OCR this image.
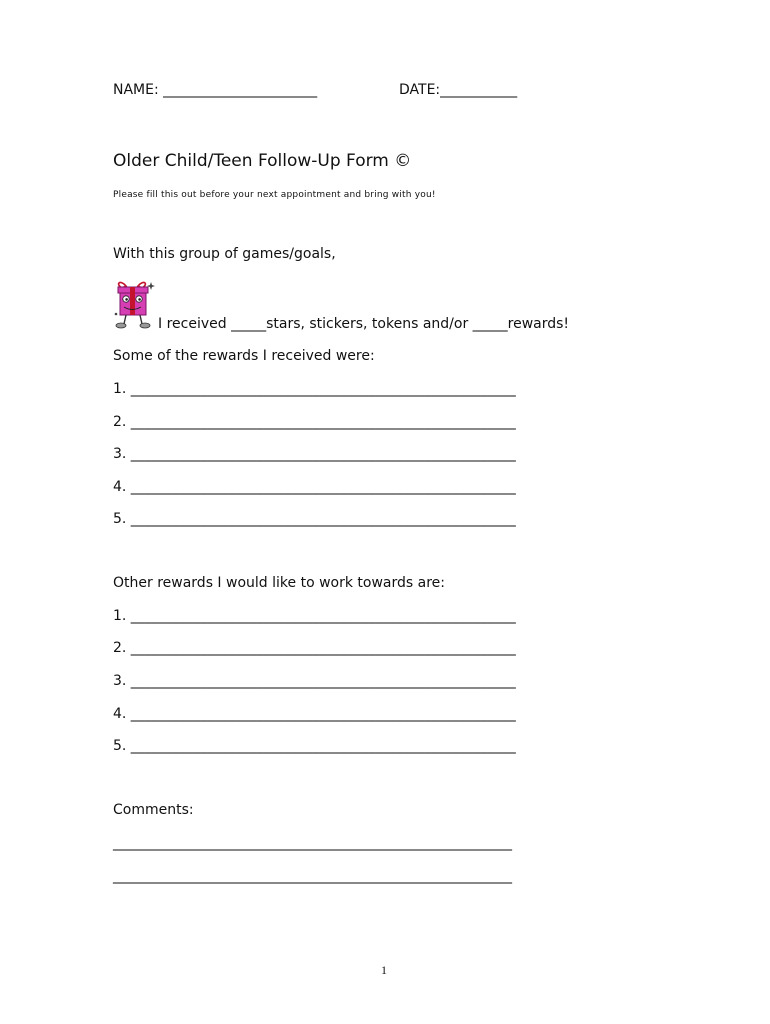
NAME: ______________________	DATE:___________
Older Child/Teen Follow-Up Form ©
Please fill this out before your next appointment and bring with you!
With this group of games/goals,
I received _____stars, stickers, tokens and/or _____rewards!
Some of the rewards I received were:
1. _______________________________________________________
2. _______________________________________________________
3. _______________________________________________________
4. _______________________________________________________
5. _______________________________________________________
Other rewards I would like to work towards are:
1. _______________________________________________________
2. _______________________________________________________
3. _______________________________________________________
4. _______________________________________________________
5. _______________________________________________________
Comments:
_________________________________________________________
_________________________________________________________
1
